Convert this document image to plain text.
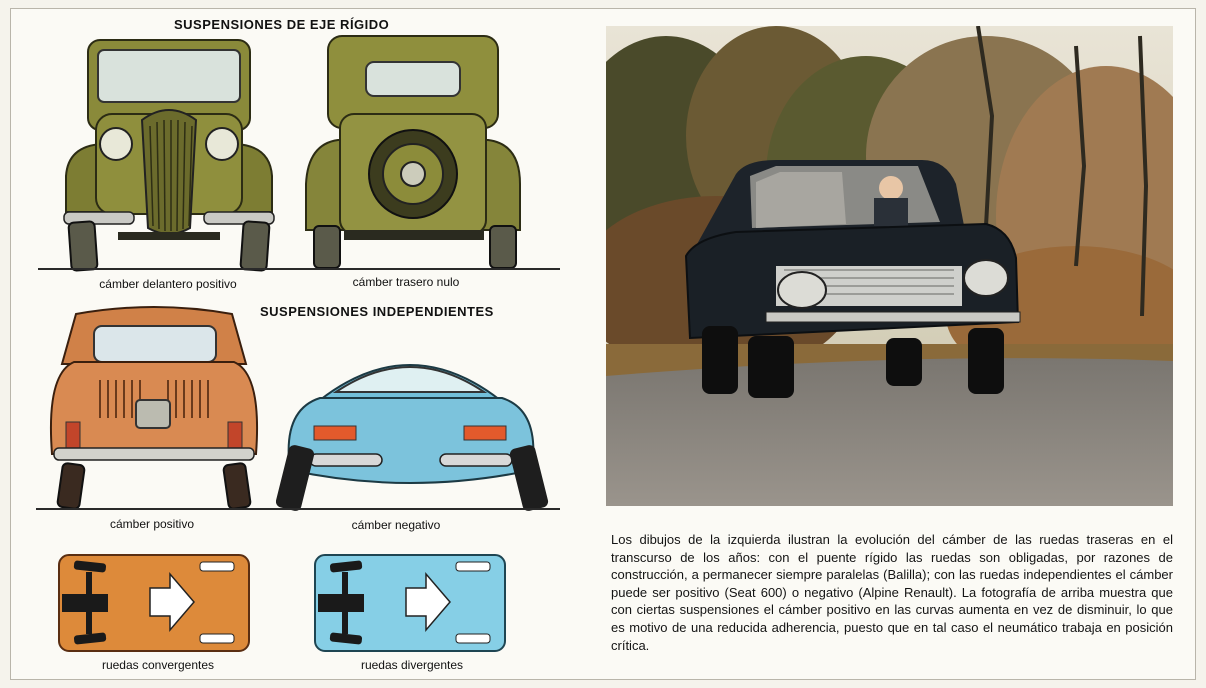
SUSPENSIONES DE EJE RÍGIDO
SUSPENSIONES INDEPENDIENTES
cámber delantero positivo	cámber trasero nulo
cámber positivo	cámber negativo
ruedas convergentes	ruedas divergentes
Los dibujos de la izquierda ilustran la evolución del cámber de las ruedas traseras en el transcurso de los años: con el puente rígido las ruedas son obligadas, por razones de construcción, a permanecer siempre paralelas (Balilla); con las ruedas independientes el cámber puede ser positivo (Seat 600) o negativo (Alpine Renault). La fotografía de arriba muestra que con ciertas suspensiones el cámber positivo en las curvas aumenta en vez de disminuir, lo que es motivo de una reducida adherencia, puesto que en tal caso el neumático trabaja en posición crítica.
